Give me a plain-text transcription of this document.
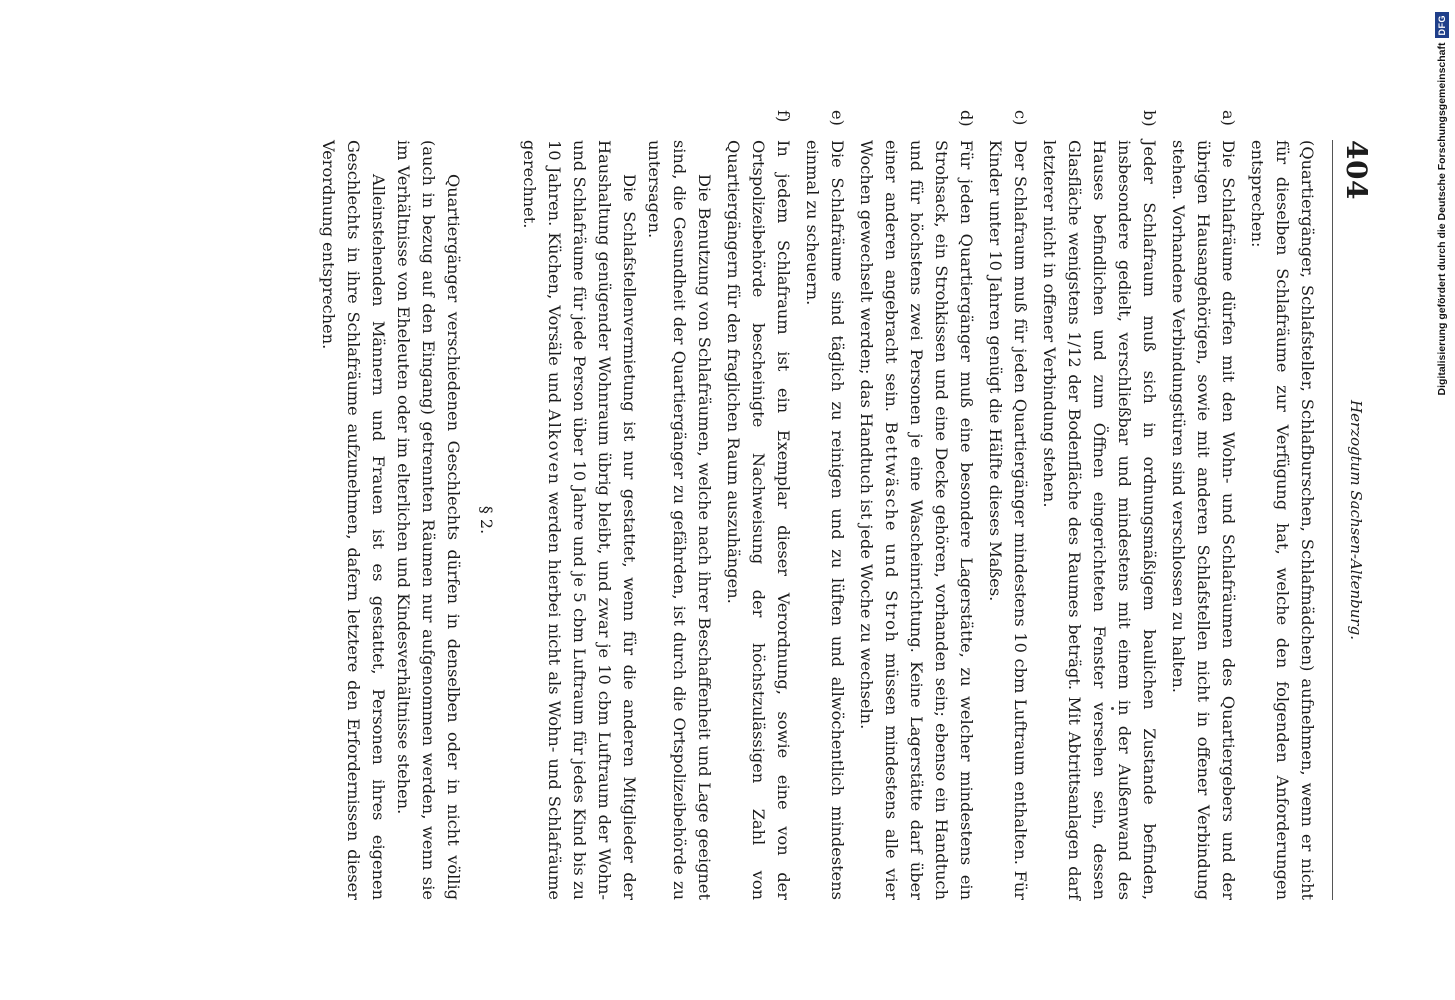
404
Herzogtum Sachsen-Altenburg.

(Quartiergänger, Schlafsteller, Schlafburschen, Schlafmädchen) aufnehmen, wenn er nicht für dieselben Schlafräume zur Verfügung hat, welche den folgenden Anforderungen entsprechen:

a)Die Schlafräume dürfen mit den Wohn- und Schlafräumen des Quartiergebers und der übrigen Hausangehörigen, sowie mit anderen Schlafstellen nicht in offener Verbindung stehen. Vorhandene Verbindungstüren sind verschlossen zu halten.

b)Jeder Schlafraum muß sich in ordnungsmäßigem baulichen Zustande befinden, insbesondere gedielt, verschließbar und mindestens mit einem in der Außenwand des Hauses befindlichen und zum Öffnen eingerichteten Fenster versehen sein, dessen Glasfläche wenigstens 1/12 der Bodenfläche des Raumes beträgt. Mit Abtrittsanlagen darf letzterer nicht in offener Verbindung stehen.

c)Der Schlafraum muß für jeden Quartiergänger mindestens 10 cbm Luftraum enthalten. Für Kinder unter 10 Jahren genügt die Hälfte dieses Maßes.

d)Für jeden Quartiergänger muß eine besondere Lagerstätte, zu welcher mindestens ein Strohsack, ein Strohkissen und eine Decke gehören, vorhanden sein; ebenso ein Handtuch und für höchstens zwei Personen je eine Wascheinrichtung. Keine Lagerstätte darf über einer anderen angebracht sein. Bettwäsche und Stroh müssen mindestens alle vier Wochen gewechselt werden; das Handtuch ist jede Woche zu wechseln.

e)Die Schlafräume sind täglich zu reinigen und zu lüften und allwöchentlich mindestens einmal zu scheuern.

f)In jedem Schlafraum ist ein Exemplar dieser Verordnung, sowie eine von der Ortspolizeibehörde bescheinigte Nachweisung der höchstzulässigen Zahl von Quartiergängern für den fraglichen Raum auszuhängen.

Die Benutzung von Schlafräumen, welche nach ihrer Beschaffenheit und Lage geeignet sind, die Gesundheit der Quartiergänger zu gefährden, ist durch die Ortspolizeibehörde zu untersagen.

Die Schlafstellenvermietung ist nur gestattet, wenn für die anderen Mitglieder der Haushaltung genügender Wohnraum übrig bleibt, und zwar je 10 cbm Luftraum der Wohn- und Schlafräume für jede Person über 10 Jahre und je 5 cbm Luftraum für jedes Kind bis zu 10 Jahren. Küchen, Vorsäle und Alkoven werden hierbei nicht als Wohn- und Schlafräume gerechnet.

§ 2.

Quartiergänger verschiedenen Geschlechts dürfen in denselben oder in nicht völlig (auch in bezug auf den Eingang) getrennten Räumen nur aufgenommen werden, wenn sie im Verhältnisse von Eheleuten oder im elterlichen und Kindesverhältnisse stehen.

Alleinstehenden Männern und Frauen ist es gestattet, Personen ihres eigenen Geschlechts in ihre Schlafräume aufzunehmen, dafern letztere den Erfordernissen dieser Verordnung entsprechen.	Digitalisierung gefördert durch die Deutsche Forschungsgemeinschaft
DFG
